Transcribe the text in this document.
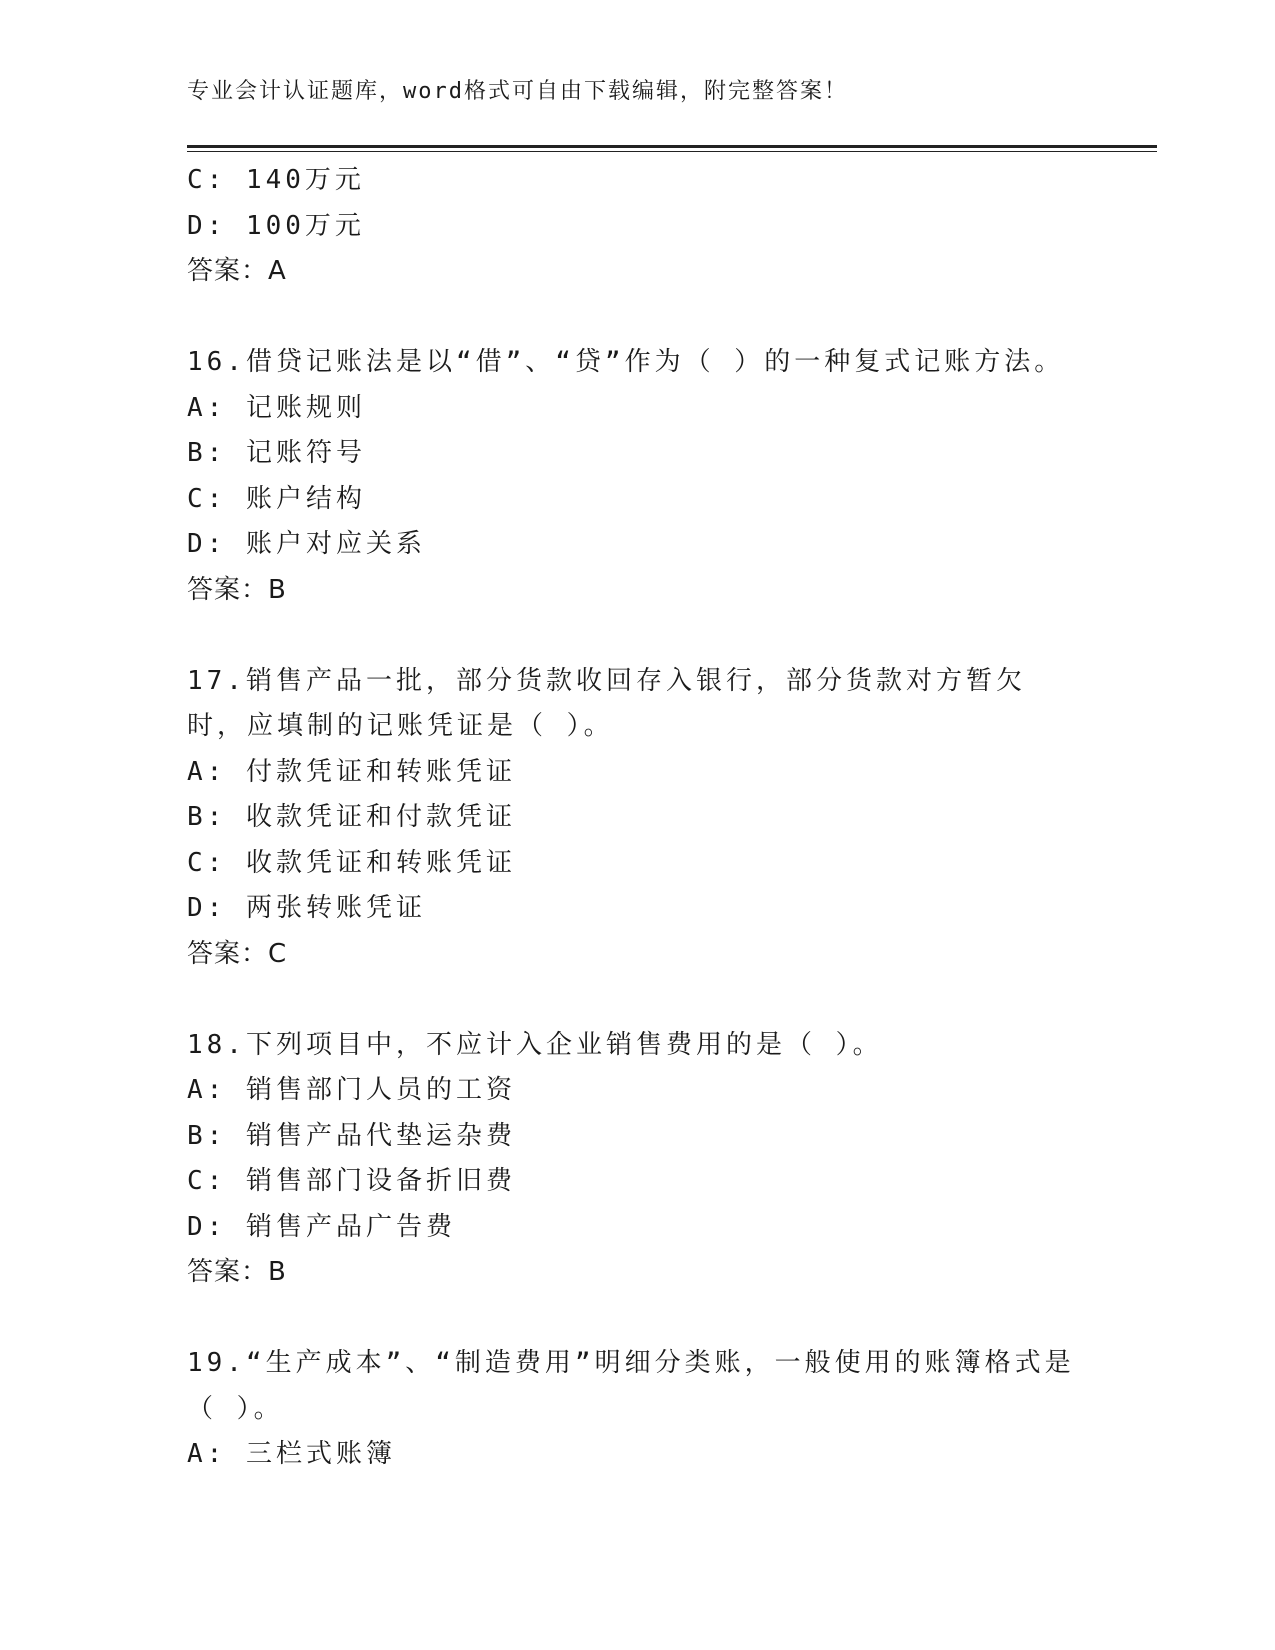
专业会计认证题库，word格式可自由下载编辑，附完整答案！
C: 140万元
D: 100万元
答案：A
16.借贷记账法是以“借”、“贷”作为（ ）的一种复式记账方法。
A: 记账规则
B: 记账符号
C: 账户结构
D: 账户对应关系
答案：B
17.销售产品一批，部分货款收回存入银行，部分货款对方暂欠时，应填制的记账凭证是（ ）。
A: 付款凭证和转账凭证
B: 收款凭证和付款凭证
C: 收款凭证和转账凭证
D: 两张转账凭证
答案：C
18.下列项目中，不应计入企业销售费用的是（ ）。
A: 销售部门人员的工资
B: 销售产品代垫运杂费
C: 销售部门设备折旧费
D: 销售产品广告费
答案：B
19.“生产成本”、“制造费用”明细分类账，一般使用的账簿格式是（ ）。
A: 三栏式账簿
